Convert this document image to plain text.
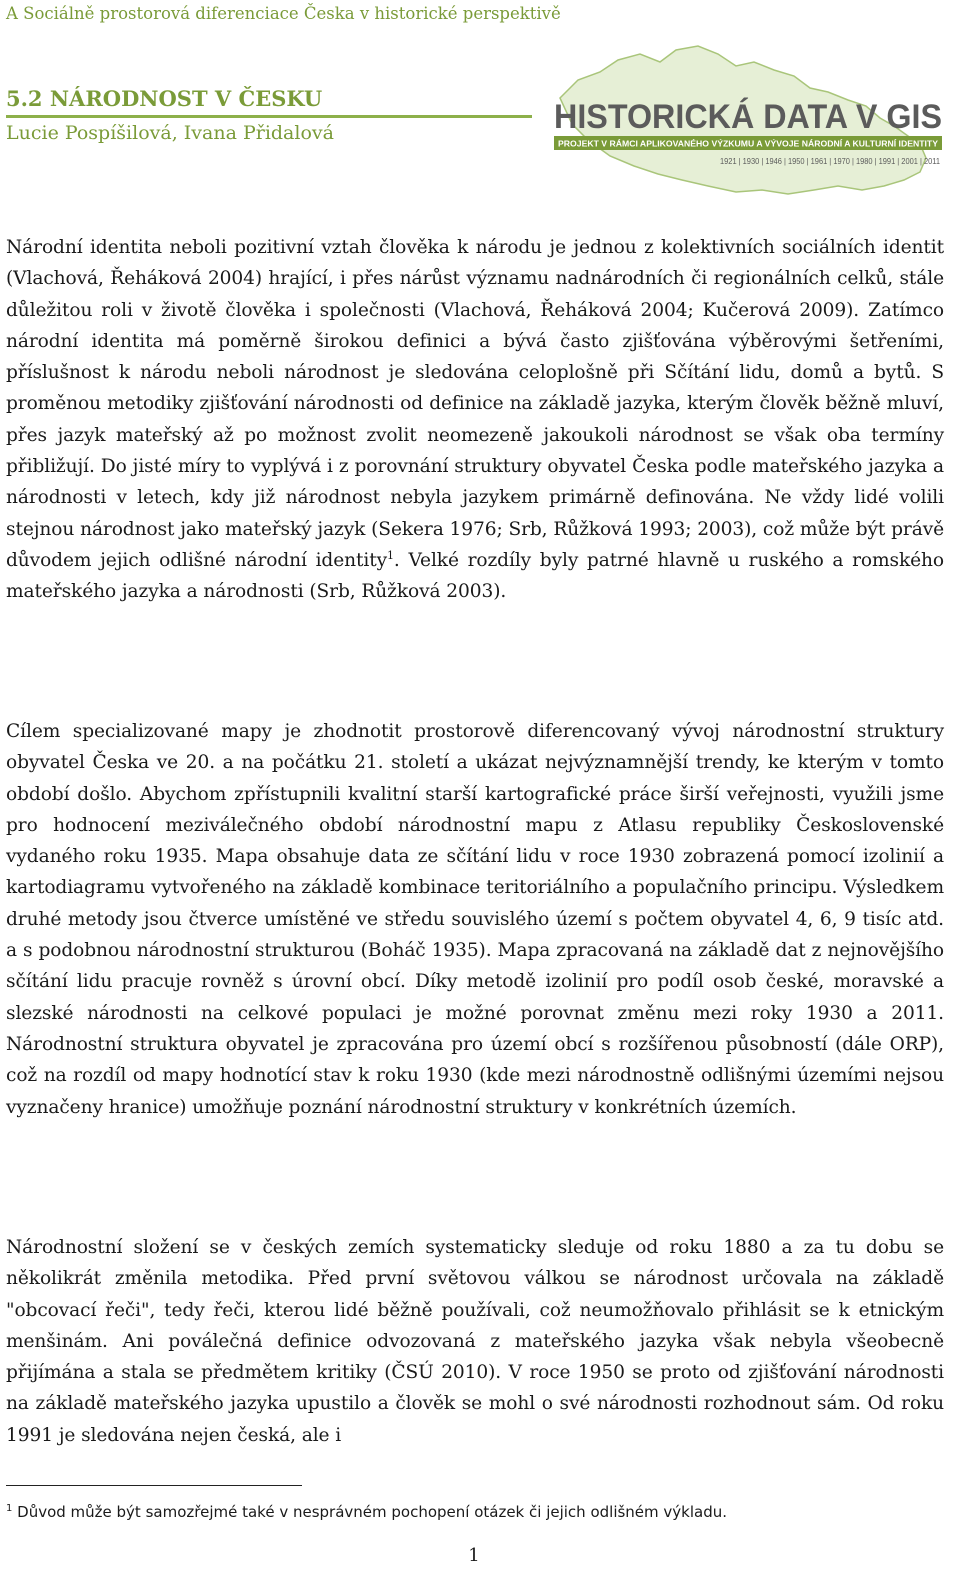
A Sociálně prostorová diferenciace Česka v historické perspektivě
5.2 NÁRODNOST V ČESKU
Lucie Pospíšilová, Ivana Přidalová	HISTORICKÁ DATA V GIS
PROJEKT V RÁMCI APLIKOVANÉHO VÝZKUMU A VÝVOJE NÁRODNÍ A KULTURNÍ IDENTITY
1921 | 1930 | 1946 | 1950 | 1961 | 1970 | 1980 | 1991 | 2001 | 2011

Národní identita neboli pozitivní vztah člověka k národu je jednou z kolektivních sociálních identit (Vlachová, Řeháková 2004) hrající, i přes nárůst významu nadnárodních či regionálních celků, stále důležitou roli v životě člověka i společnosti (Vlachová, Řeháková 2004; Kučerová 2009). Zatímco národní identita má poměrně širokou definici a bývá často zjišťována výběrovými šetřeními, příslušnost k národu neboli národnost je sledována celoplošně při Sčítání lidu, domů a bytů. S proměnou metodiky zjišťování národnosti od definice na základě jazyka, kterým člověk běžně mluví, přes jazyk mateřský až po možnost zvolit neomezeně jakoukoli národnost se však oba termíny přibližují. Do jisté míry to vyplývá i z porovnání struktury obyvatel Česka podle mateřského jazyka a národnosti v letech, kdy již národnost nebyla jazykem primárně definována. Ne vždy lidé volili stejnou národnost jako mateřský jazyk (Sekera 1976; Srb, Růžková 1993; 2003), což může být právě důvodem jejich odlišné národní identity$^1$. Velké rozdíly byly patrné hlavně u ruského a romského mateřského jazyka a národnosti (Srb, Růžková 2003).

Cílem specializované mapy je zhodnotit prostorově diferencovaný vývoj národnostní struktury obyvatel Česka ve 20. a na počátku 21. století a ukázat nejvýznamnější trendy, ke kterým v tomto období došlo. Abychom zpřístupnili kvalitní starší kartografické práce širší veřejnosti, využili jsme pro hodnocení meziválečného období národnostní mapu z Atlasu republiky Československé vydaného roku 1935. Mapa obsahuje data ze sčítání lidu v roce 1930 zobrazená pomocí izolinií a kartodiagramu vytvořeného na základě kombinace teritoriálního a populačního principu. Výsledkem druhé metody jsou čtverce umístěné ve středu souvislého území s počtem obyvatel 4, 6, 9 tisíc atd. a s podobnou národnostní strukturou (Boháč 1935). Mapa zpracovaná na základě dat z nejnovějšího sčítání lidu pracuje rovněž s úrovní obcí. Díky metodě izolinií pro podíl osob české, moravské a slezské národnosti na celkové populaci je možné porovnat změnu mezi roky 1930 a 2011. Národnostní struktura obyvatel je zpracována pro území obcí s rozšířenou působností (dále ORP), což na rozdíl od mapy hodnotící stav k roku 1930 (kde mezi národnostně odlišnými územími nejsou vyznačeny hranice) umožňuje poznání národnostní struktury v konkrétních územích.

Národnostní složení se v českých zemích systematicky sleduje od roku 1880 a za tu dobu se několikrát změnila metodika. Před první světovou válkou se národnost určovala na základě "obcovací řeči", tedy řeči, kterou lidé běžně používali, což neumožňovalo přihlásit se k etnickým menšinám. Ani poválečná definice odvozovaná z mateřského jazyka však nebyla všeobecně přijímána a stala se předmětem kritiky (ČSÚ 2010). V roce 1950 se proto od zjišťování národnosti na základě mateřského jazyka upustilo a člověk se mohl o své národnosti rozhodnout sám. Od roku 1991 je sledována nejen česká, ale i

$^1$ Důvod může být samozřejmé také v nesprávném pochopení otázek či jejich odlišném výkladu.
1
